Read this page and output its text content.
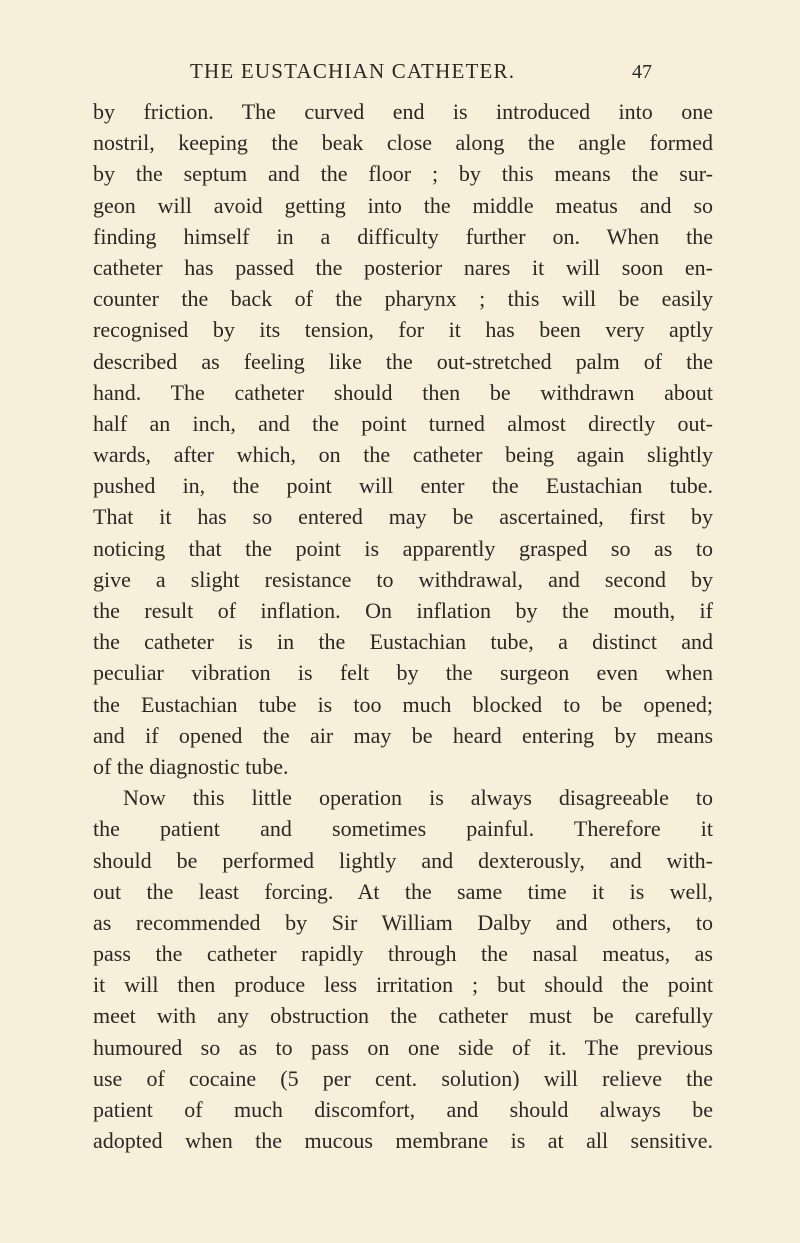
THE EUSTACHIAN CATHETER.	47
by friction. The curved end is introduced into one
nostril, keeping the beak close along the angle formed
by the septum and the floor ; by this means the sur-
geon will avoid getting into the middle meatus and so
finding himself in a difficulty further on. When the
catheter has passed the posterior nares it will soon en-
counter the back of the pharynx ; this will be easily
recognised by its tension, for it has been very aptly
described as feeling like the out-stretched palm of the
hand. The catheter should then be withdrawn about
half an inch, and the point turned almost directly out-
wards, after which, on the catheter being again slightly
pushed in, the point will enter the Eustachian tube.
That it has so entered may be ascertained, first by
noticing that the point is apparently grasped so as to
give a slight resistance to withdrawal, and second by
the result of inflation. On inflation by the mouth, if
the catheter is in the Eustachian tube, a distinct and
peculiar vibration is felt by the surgeon even when
the Eustachian tube is too much blocked to be opened;
and if opened the air may be heard entering by means
of the diagnostic tube.
Now this little operation is always disagreeable to
the patient and sometimes painful. Therefore it
should be performed lightly and dexterously, and with-
out the least forcing. At the same time it is well,
as recommended by Sir William Dalby and others, to
pass the catheter rapidly through the nasal meatus, as
it will then produce less irritation ; but should the point
meet with any obstruction the catheter must be carefully
humoured so as to pass on one side of it. The previous
use of cocaine (5 per cent. solution) will relieve the
patient of much discomfort, and should always be
adopted when the mucous membrane is at all sensitive.
